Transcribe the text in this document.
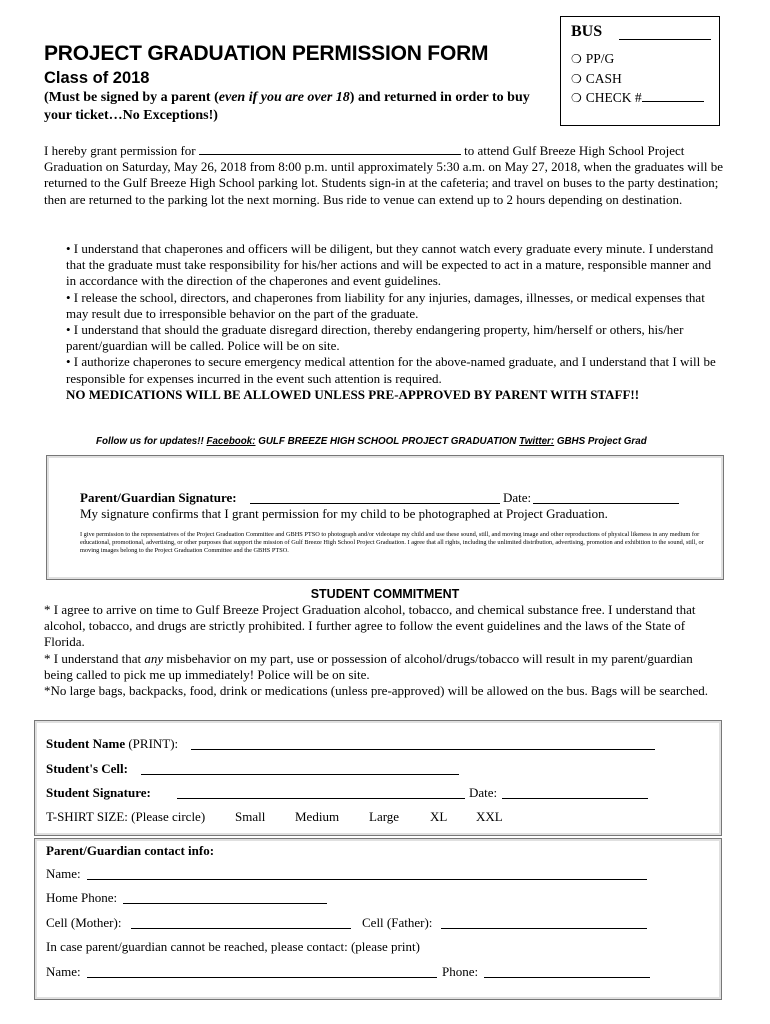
PROJECT GRADUATION PERMISSION FORM
Class of 2018
(Must be signed by a parent (even if you are over 18) and returned in order to buy your ticket…No Exceptions!)
BUS
❍ PP/G
❍ CASH
❍ CHECK #
I hereby grant permission for	to attend Gulf Breeze High School Project Graduation on Saturday, May 26, 2018 from 8:00 p.m. until approximately 5:30 a.m. on May 27, 2018, when the graduates will be returned to the Gulf Breeze High School parking lot. Students sign-in at the cafeteria; and travel on buses to the party destination; then are returned to the parking lot the next morning. Bus ride to venue can extend up to 2 hours depending on destination.

• I understand that chaperones and officers will be diligent, but they cannot watch every graduate every minute. I understand that the graduate must take responsibility for his/her actions and will be expected to act in a mature, responsible manner and in accordance with the direction of the chaperones and event guidelines.

• I release the school, directors, and chaperones from liability for any injuries, damages, illnesses, or medical expenses that may result due to irresponsible behavior on the part of the graduate.

• I understand that should the graduate disregard direction, thereby endangering property, him/herself or others, his/her parent/guardian will be called. Police will be on site.

• I authorize chaperones to secure emergency medical attention for the above-named graduate, and I understand that I will be responsible for expenses incurred in the event such attention is required.

NO MEDICATIONS WILL BE ALLOWED UNLESS PRE-APPROVED BY PARENT WITH STAFF!!

Follow us for updates!! Facebook: GULF BREEZE HIGH SCHOOL PROJECT GRADUATION Twitter: GBHS Project Grad
Parent/Guardian Signature:	Date:
My signature confirms that I grant permission for my child to be photographed at Project Graduation.
I give permission to the representatives of the Project Graduation Committee and GBHS PTSO to photograph and/or videotape my child and use these sound, still, and moving image and other reproductions of physical likeness in any medium for educational, promotional, advertising, or other purposes that support the mission of Gulf Breeze High School Project Graduation. I agree that all rights, including the unlimited distribution, advertising, promotion and exhibition to the sound, still, or moving images belong to the Project Graduation Committee and the GBHS PTSO.
STUDENT COMMITMENT

* I agree to arrive on time to Gulf Breeze Project Graduation alcohol, tobacco, and chemical substance free. I understand that alcohol, tobacco, and drugs are strictly prohibited. I further agree to follow the event guidelines and the laws of the State of Florida.

* I understand that any misbehavior on my part, use or possession of alcohol/drugs/tobacco will result in my parent/guardian being called to pick me up immediately! Police will be on site.

*No large bags, backpacks, food, drink or medications (unless pre-approved) will be allowed on the bus. Bags will be searched.

Student Name (PRINT):
Student's Cell:
Student Signature:	Date:
T-SHIRT SIZE: (Please circle) Small Medium Large XL XXL
Parent/Guardian contact info:
Name:
Home Phone:
Cell (Mother):	Cell (Father):
In case parent/guardian cannot be reached, please contact: (please print)
Name:	Phone:
